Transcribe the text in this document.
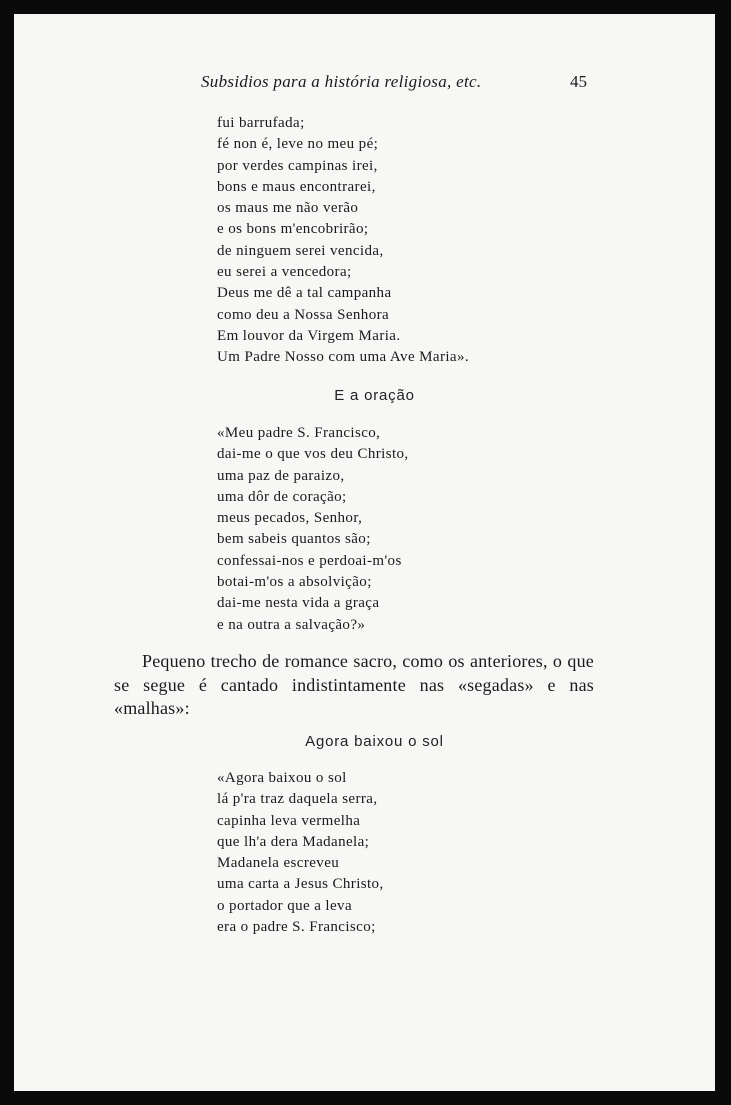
Subsidios para a história religiosa, etc.	45
fui barrufada;
fé non é, leve no meu pé;
por verdes campinas irei,
bons e maus encontrarei,
os maus me não verão
e os bons m'encobrirão;
de ninguem serei vencida,
eu serei a vencedora;
Deus me dê a tal campanha
como deu a Nossa Senhora
Em louvor da Virgem Maria.
Um Padre Nosso com uma Ave Maria».
E a oração
«Meu padre S. Francisco,
dai-me o que vos deu Christo,
uma paz de paraizo,
uma dôr de coração;
meus pecados, Senhor,
bem sabeis quantos são;
confessai-nos e perdoai-m'os
botai-m'os a absolvição;
dai-me nesta vida a graça
e na outra a salvação?»
Pequeno trecho de romance sacro, como os anteriores, o que se segue é cantado indistintamente nas «segadas» e nas «malhas»:
Agora baixou o sol
«Agora baixou o sol
lá p'ra traz daquela serra,
capinha leva vermelha
que lh'a dera Madanela;
Madanela escreveu
uma carta a Jesus Christo,
o portador que a leva
era o padre S. Francisco;
